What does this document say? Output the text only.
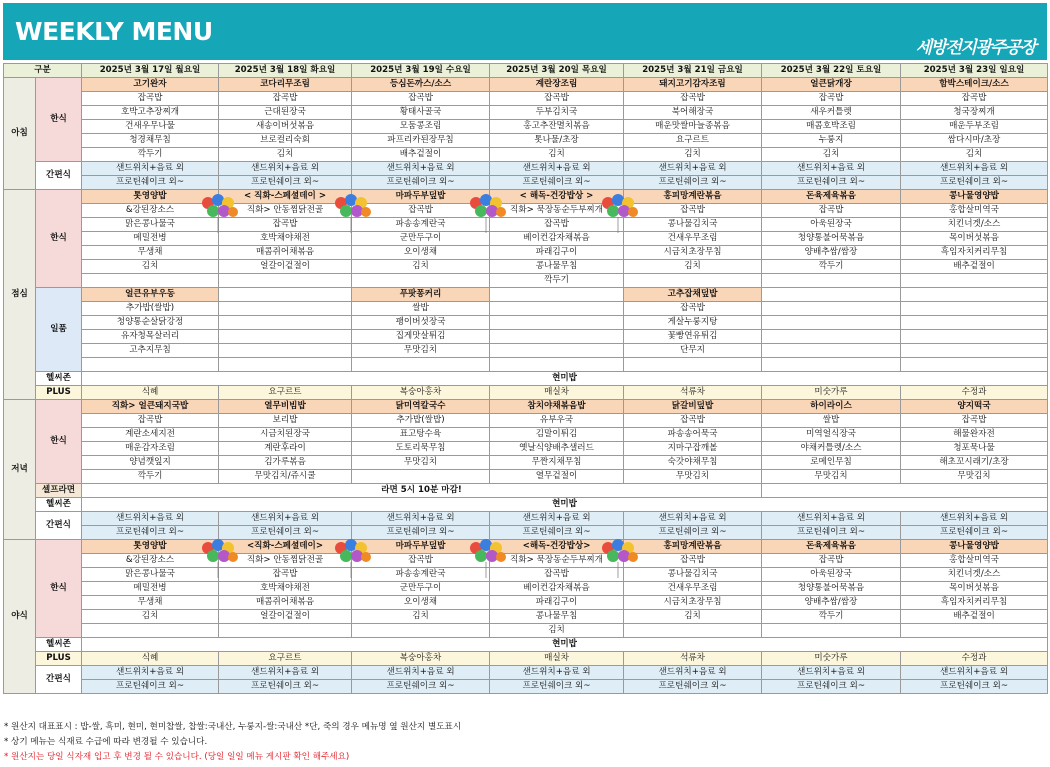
WEEKLY MENU
세방전지광주공장
구분		2025년 3월 17일 월요일	2025년 3월 18일 화요일	2025년 3월 19일 수요일	2025년 3월 20일 목요일	2025년 3월 21일 금요일	2025년 3월 22일 토요일	2025년 3월 23일 일요일
아침	한식	고기완자	코다리무조림	등심돈까스/소스	계란장조림	돼지고기감자조림	얼큰닭개장	함박스테이크/소스
		잡곡밥	잡곡밥	잡곡밥	잡곡밥	잡곡밥	잡곡밥	잡곡밥
		호박고추장찌개	근대된장국	황태사골국	두부김치국	북어해장국	새우커틀렛	청국장찌개
		건새우무나물	새송이버섯볶음	모둠콩조림	홍고추잔멸치볶음	매운맛쌀마늘종볶음	매콤호박조림	매운두부조림
		청경채무침	브로컬리숙회	파프리카된장무침	톳나물/초장	요구르트	누룽지	쌈다시마/초장
		깍두기	김치	배추겉절이	김치	김치	김치	김치
	간편식	샌드위치+음료 외	샌드위치+음료 외	샌드위치+음료 외	샌드위치+음료 외	샌드위치+음료 외	샌드위치+음료 외	샌드위치+음료 외
		프로틴쉐이크 외~	프로틴쉐이크 외~	프로틴쉐이크 외~	프로틴쉐이크 외~	프로틴쉐이크 외~	프로틴쉐이크 외~	프로틴쉐이크 외~
점심	한식	톳영양밥	< 직화-스페셜데이 >	마파두부덮밥	< 해독-건강밥상 >	홍피망계란볶음	돈육제육볶음	콩나물영양밥
		&강된장소스	직화> 안동찜닭전골	잡곡밥	직화> 묵장동순두부찌개	잡곡밥	잡곡밥	홍합살미역국
		맑은콩나물국	잡곡밥	파송송계란국	잡곡밥	콩나물김치국	아욱된장국	치킨너겟/소스
		메밀전병	호박채야채전	군만두구이	베이컨감자채볶음	건새우무조림	청양통불어묵볶음	목이버섯볶음
		무생채	매콤쥐어채볶음	오이생채	파래김구이	시금치초장무침	양배추쌈/쌈장	흑임자치커리무침
		김치	얼갈이겉절이	김치	콩나물무침	김치	깍두기	배추겉절이
					깍두기			
	일품	얼큰유부우동		푸팟퐁커리		고추잡채덮밥		
		추가밥(쌀밥)		쌀밥		잡곡밥		
		청양통순살닭강정		팽이버섯장국		게살누룽지탕		
		유자청목살러리		집게맛살튀김		꽃빵연유튀김		
		고추지무침		무맛김치		단무지		

	헬씨존	현미밥						
	PLUS	식혜	요구르트	복숭아홍차	매실차	석류차	미숫가루	수정과
저녁	한식	직화> 얼큰돼지국밥	열무비빔밥	닭미역칼국수	참치야채볶음밥	닭갈비덮밥	하이라이스	양지떡국
		잡곡밥	보리밥	추가밥(쌀밥)	유부우국	잡곡밥	쌀밥	잡곡밥
		계란소세지전	시금치된장국	표고탕수육	김말이튀김	파송송어묵국	미역얼식장국	해물완자전
		매운감자조림	계란후라이	도토리묵무침	옛날식양배추샐러드	지마구잡깨볼	야채커틀렛/소스	청포묵나물
		양념깻잎지	김가루볶음	무맛김치	무짠지채무침	숙갓야채무침	로메인무침	해초꼬시래기/초장
		깍두기	무맛김치/쥬시쿨		열무겉절이	무맛김치	무맛김치	무맛김치
	셀프라면	라면 5시 10분 마감!						
	헬씨존	현미밥						
	간편식	샌드위치+음료 외	샌드위치+음료 외	샌드위치+음료 외	샌드위치+음료 외	샌드위치+음료 외	샌드위치+음료 외	샌드위치+음료 외
		프로틴쉐이크 외~	프로틴쉐이크 외~	프로틴쉐이크 외~	프로틴쉐이크 외~	프로틴쉐이크 외~	프로틴쉐이크 외~	프로틴쉐이크 외~
야식	한식	톳영양밥	<직화-스페셜데이>	마파두부덮밥	<해독-건강밥상>	홍피망계란볶음	돈육제육볶음	콩나물영양밥
		&강된장소스	직화> 안동찜닭전골	잡곡밥	직화> 묵장동순두부찌개	잡곡밥	잡곡밥	홍합살미역국
		맑은콩나물국	잡곡밥	파송송계란국	잡곡밥	콩나물김치국	아욱된장국	치킨너겟/소스
		메밀전병	호박채야채전	군만두구이	베이컨감자채볶음	건새우무조림	청양통불어묵볶음	목이버섯볶음
		무생채	매콤쥐어채볶음	오이생채	파래김구이	시금치초장무침	양배추쌈/쌈장	흑임자치커리무침
		김치	얼갈이겉절이	김치	콩나물무침	김치	깍두기	배추겉절이
					김치			
	헬씨존	현미밥						
	PLUS	식혜	요구르트	복숭아홍차	매실차	석류차	미숫가루	수정과
	간편식	샌드위치+음료 외	샌드위치+음료 외	샌드위치+음료 외	샌드위치+음료 외	샌드위치+음료 외	샌드위치+음료 외	샌드위치+음료 외
		프로틴쉐이크 외~	프로틴쉐이크 외~	프로틴쉐이크 외~	프로틴쉐이크 외~	프로틴쉐이크 외~	프로틴쉐이크 외~	프로틴쉐이크 외~
* 원산지 대표표시 : 밥-쌀, 흑미, 현미, 현미찹쌀, 찹쌀:국내산, 누룽지-쌀:국내산 *단, 죽의 경우 메뉴명 옆 원산지 별도표시
* 상기 메뉴는 식재료 수급에 따라 변경될 수 있습니다.
* 원산지는 당일 식자재 입고 후 변경 될 수 있습니다. (당일 일일 메뉴 게시판 확인 해주세요)
